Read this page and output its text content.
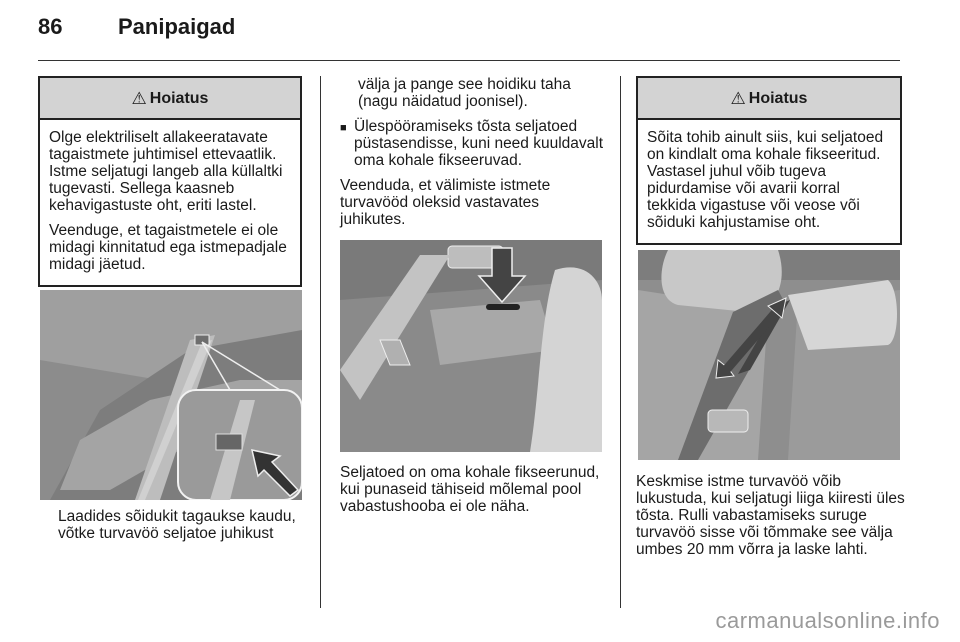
86	Panipaigad
⚠ Hoiatus

Olge elektriliselt allakeeratavate tagaistmete juhtimisel ettevaatlik. Istme seljatugi langeb alla küllaltki tugevasti. Sellega kaasneb kehavigastuste oht, eriti lastel.

Veenduge, et tagaistmetele ei ole midagi kinnitatud ega istmepadjale midagi jäetud.

Laadides sõidukit tagaukse kaudu, võtke turvavöö seljatoe juhikust

välja ja pange see hoidiku taha (nagu näidatud joonisel).

■ Ülespööramiseks tõsta seljatoed püstasendisse, kuni need kuuldavalt oma kohale fikseeruvad.

Veenduda, et välimiste istmete turvavööd oleksid vastavates juhikutes.

Seljatoed on oma kohale fikseerunud, kui punaseid tähiseid mõlemal pool vabastushooba ei ole näha.
⚠ Hoiatus

Sõita tohib ainult siis, kui seljatoed on kindlalt oma kohale fikseeritud. Vastasel juhul võib tugeva pidurdamise või avarii korral tekkida vigastuse või veose või sõiduki kahjustamise oht.

Keskmise istme turvavöö võib lukustuda, kui seljatugi liiga kiiresti üles tõsta. Rulli vabastamiseks suruge turvavöö sisse või tõmmake see välja umbes 20 mm võrra ja laske lahti.
carmanualsonline.info
